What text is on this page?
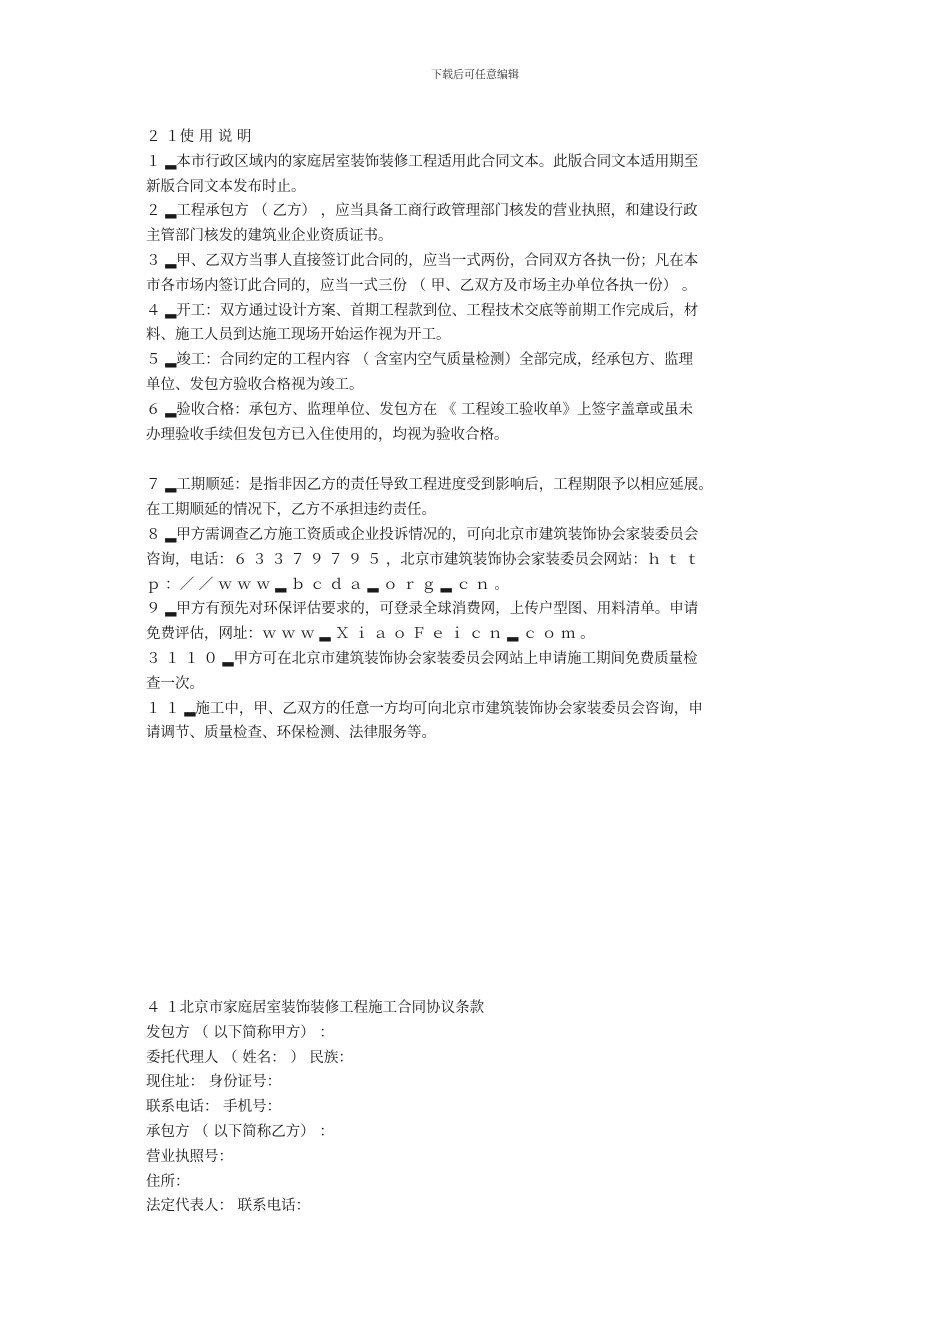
下载后可任意编辑
２ １使 用 说 明
１ ▂本市行政区域内的家庭居室装饰装修工程适用此合同文本。此版合同文本适用期至
新版合同文本发布时止。
２ ▂工程承包方 （ 乙方） ，应当具备工商行政管理部门核发的营业执照，和建设行政
主管部门核发的建筑业企业资质证书。
３ ▂甲、乙双方当事人直接签订此合同的，应当一式两份，合同双方各执一份；凡在本
市各市场内签订此合同的，应当一式三份 （ 甲、乙双方及市场主办单位各执一份） 。
４ ▂开工：双方通过设计方案、首期工程款到位、工程技术交底等前期工作完成后，材
料、施工人员到达施工现场开始运作视为开工。
５ ▂竣工：合同约定的工程内容 （ 含室内空气质量检测）全部完成，经承包方、监理
单位、发包方验收合格视为竣工。
６ ▂验收合格：承包方、监理单位、发包方在 《 工程竣工验收单》上签字盖章或虽未
办理验收手续但发包方已入住使用的，均视为验收合格。
７ ▂工期顺延：是指非因乙方的责任导致工程进度受到影响后，工程期限予以相应延展。
在工期顺延的情况下，乙方不承担违约责任。
８ ▂甲方需调查乙方施工资质或企业投诉情况的，可向北京市建筑装饰协会家装委员会
咨询，电话：６ ３ ３ ７ ９ ７ ９ ５ ，北京市建筑装饰协会家装委员会网站：ｈ ｔ ｔ
ｐ ：／ ／ ｗ ｗ ｗ ▂ ｂ ｃ ｄ ａ ▂ ｏ ｒ ｇ ▂ ｃ ｎ 。
９ ▂甲方有预先对环保评估要求的，可登录全球消费网，上传户型图、用料清单。申请
免费评估，网址：ｗ ｗ ｗ ▂ Ｘ ｉ ａ ｏ Ｆ ｅ ｉ ｃ ｎ ▂ ｃ ｏ ｍ 。
３ １ １ ０ ▂甲方可在北京市建筑装饰协会家装委员会网站上申请施工期间免费质量检
查一次。
１ １ ▂施工中，甲、乙双方的任意一方均可向北京市建筑装饰协会家装委员会咨询，申
请调节、质量检查、环保检测、法律服务等。
４ １北京市家庭居室装饰装修工程施工合同协议条款
发包方 （ 以下简称甲方） ：
委托代理人 （ 姓名： ） 民族：
现住址： 身份证号：
联系电话： 手机号：
承包方 （ 以下简称乙方） ：
营业执照号：
住所：
法定代表人： 联系电话：
